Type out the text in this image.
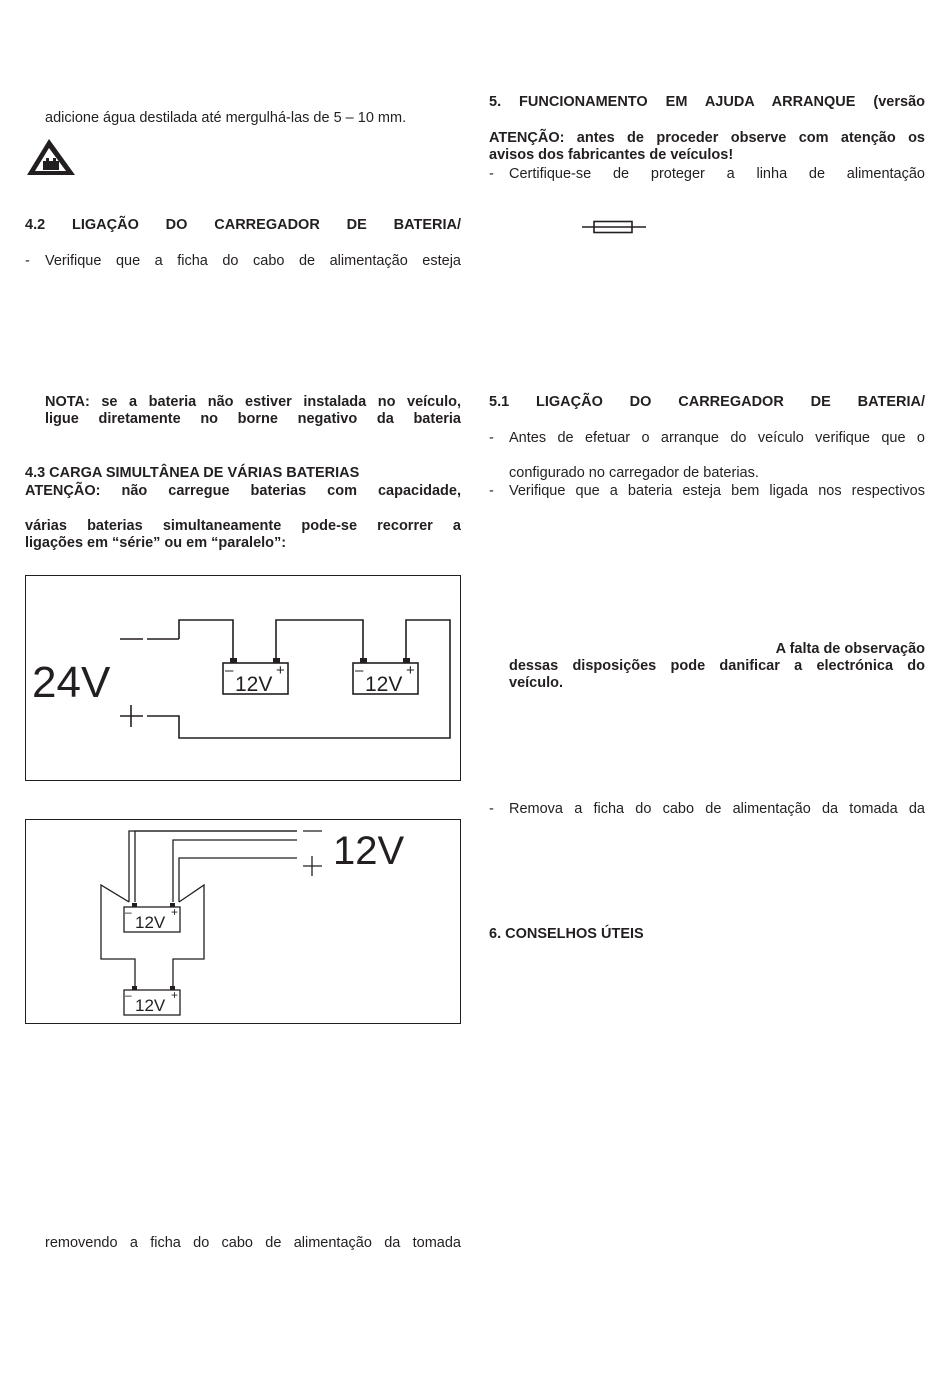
adicione água destilada até mergulhá-las de 5 – 10 mm.
4.2 LIGAÇÃO DO CARREGADOR DE BATERIA/
- Verifique que a ficha do cabo de alimentação esteja
NOTA: se a bateria não estiver instalada no veículo,
ligue diretamente no borne negativo da bateria
4.3 CARGA SIMULTÂNEA DE VÁRIAS BATERIAS
ATENÇÃO: não carregue baterias com capacidade,
várias baterias simultaneamente pode-se recorrer a
ligações em “série” ou em “paralelo”:
24V	–	+
12V
–	+
12V
12V
–	+
12V
–	+
12V
removendo a ficha do cabo de alimentação da tomada
5. FUNCIONAMENTO EM AJUDA ARRANQUE (versão
ATENÇÃO: antes de proceder observe com atenção os
avisos dos fabricantes de veículos!
- Certifique-se de proteger a linha de alimentação
5.1 LIGAÇÃO DO CARREGADOR DE BATERIA/
- Antes de efetuar o arranque do veículo verifique que o
configurado no carregador de baterias.
- Verifique que a bateria esteja bem ligada nos respectivos
A falta de observação
dessas disposições pode danificar a electrónica do
veículo.
- Remova a ficha do cabo de alimentação da tomada da
6. CONSELHOS ÚTEIS
